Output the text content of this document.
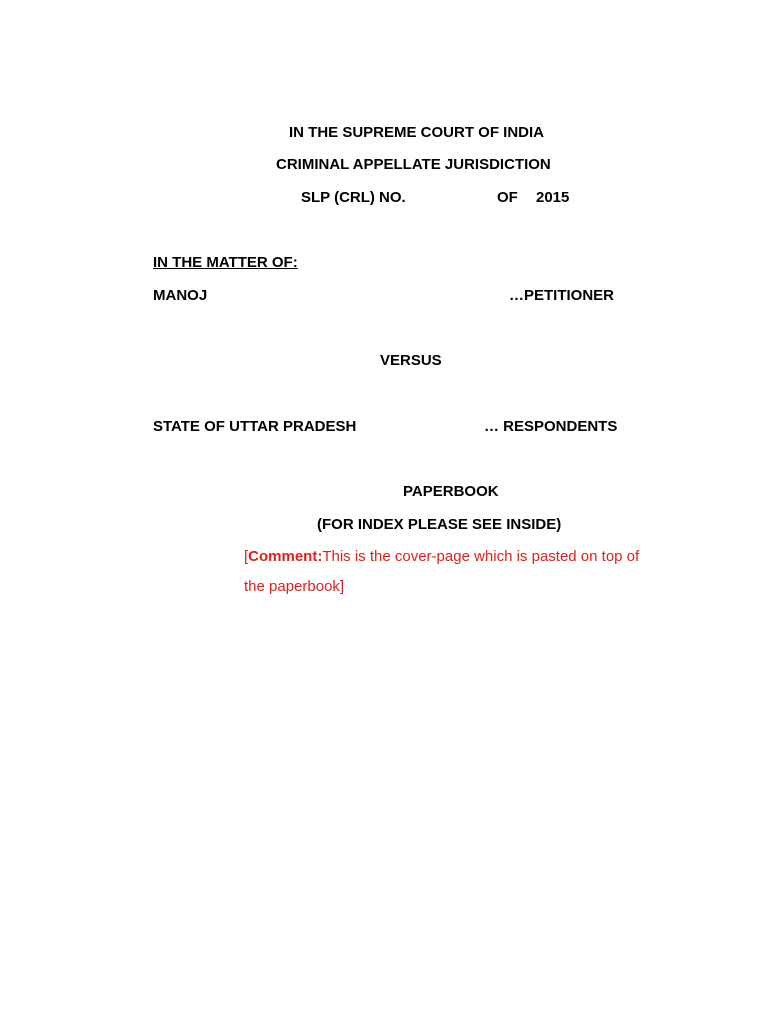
IN THE SUPREME COURT OF INDIA
CRIMINAL APPELLATE JURISDICTION
SLP (CRL) NO.	OF 2015
IN THE MATTER OF:
MANOJ	…PETITIONER
VERSUS
STATE OF UTTAR PRADESH	… RESPONDENTS
PAPERBOOK
(FOR INDEX PLEASE SEE INSIDE)
[Comment:This is the cover-page which is pasted on top of
the paperbook]
